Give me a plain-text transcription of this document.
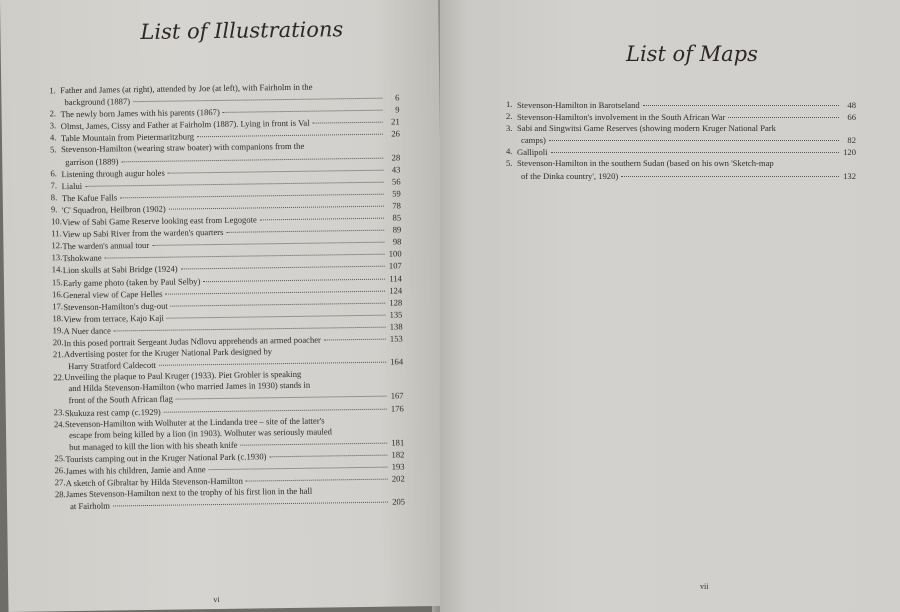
List of Illustrations
1. Father and James (at right), attended by Joe (at left), with Fairholm in the
background (1887)	6
2. The newly born James with his parents (1867)	9
3. Olmst, James, Cissy and Father at Fairholm (1887). Lying in front is Val	21
4. Table Mountain from Pietermaritzburg	26
5. Stevenson-Hamilton (wearing straw boater) with companions from the
garrison (1889)	28
6. Listening through augur holes	43
7. Lialui	56
8. The Kafue Falls	59
9. 'C' Squadron, Heilbron (1902)	78
10. View of Sabi Game Reserve looking east from Legogote	85
11. View up Sabi River from the warden's quarters	89
12. The warden's annual tour	98
13. Tshokwane	100
14. Lion skulls at Sabi Bridge (1924)	107
15. Early game photo (taken by Paul Selby)	114
16. General view of Cape Helles	124
17. Stevenson-Hamilton's dug-out	128
18. View from terrace, Kajo Kaji	135
19. A Nuer dance	138
20. In this posed portrait Sergeant Judas Ndlovu apprehends an armed poacher	153
21. Advertising poster for the Kruger National Park designed by
Harry Stratford Caldecott	164
22. Unveiling the plaque to Paul Kruger (1933). Piet Grobler is speaking
and Hilda Stevenson-Hamilton (who married James in 1930) stands in
front of the South African flag	167
23. Skukuza rest camp (c.1929)	176
24. Stevenson-Hamilton with Wolhuter at the Lindanda tree – site of the latter's
escape from being killed by a lion (in 1903). Wolhuter was seriously mauled
but managed to kill the lion with his sheath knife	181
25. Tourists camping out in the Kruger National Park (c.1930)	182
26. James with his children, Jamie and Anne	193
27. A sketch of Gibraltar by Hilda Stevenson-Hamilton	202
28. James Stevenson-Hamilton next to the trophy of his first lion in the hall
at Fairholm	205
vi
List of Maps
1. Stevenson-Hamilton in Barotseland	48
2. Stevenson-Hamilton's involvement in the South African War	66
3. Sabi and Singwitsi Game Reserves (showing modern Kruger National Park
camps)	82
4. Gallipoli	120
5. Stevenson-Hamilton in the southern Sudan (based on his own 'Sketch-map
of the Dinka country', 1920)	132
vii
